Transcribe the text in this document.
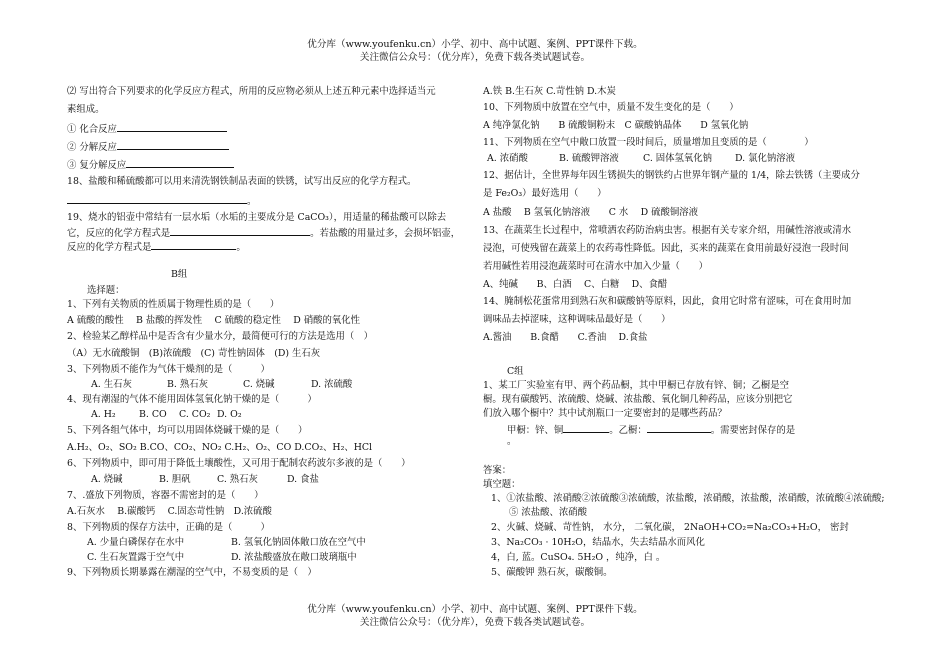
优分库（www.youfenku.cn）小学、初中、高中试题、案例、PPT课件下载。
关注微信公众号：（优分库），免费下载各类试题试卷。
⑵ 写出符合下列要求的化学反应方程式，所用的反应物必须从上述五种元素中选择适当元
素组成。
① 化合反应
② 分解反应
③ 复分解反应
18、盐酸和稀硫酸都可以用来清洗钢铁制品表面的铁锈，试写出反应的化学方程式。
。
19、烧水的铝壶中常结有一层水垢（水垢的主要成分是 CaCO₃），用适量的稀盐酸可以除去
它，反应的化学方程式是	。若盐酸的用量过多，会损坏铝壶，
反应的化学方程式是	。
B组
选择题：
1、下列有关物质的性质属于物理性质的是（　　）
A 硫酸的酸性　 B 盐酸的挥发性　 C 硫酸的稳定性　 D 硝酸的氧化性
2、检验某乙醇样品中是否含有少量水分，最简便可行的方法是选用（　）
（A）无水硫酸铜　(B)浓硫酸　(C) 苛性钠固体　(D) 生石灰
3、下列物质不能作为气体干燥剂的是（　　　）
A. 生石灰	B. 熟石灰	C. 烧碱	D. 浓硫酸
4、现有潮湿的气体不能用固体氢氧化钠干燥的是（　　　）
A. H₂ B. CO C. CO₂ D. O₂
5、下列各组气体中，均可以用固体烧碱干燥的是（　　）
A.H₂、O₂、SO₂ B.CO、CO₂、NO₂ C.H₂、O₂、CO D.CO₂、H₂、HCl
6、下列物质中，即可用于降低土壤酸性，又可用于配制农药波尔多液的是（　　）
A. 烧碱	B. 胆矾	C. 熟石灰	D. 食盐
7、.盛放下列物质，容器不需密封的是（　　）
A.石灰水　 B.碳酸钙　 C.固态苛性钠　D.浓硫酸
8、下列物质的保存方法中，正确的是（　　　）
A. 少量白磷保存在水中	B. 氢氧化钠固体敞口放在空气中
C. 生石灰置露于空气中	D. 浓盐酸盛放在敞口玻璃瓶中
9、下列物质长期暴露在潮湿的空气中，不易变质的是（　）
A.铁 B.生石灰 C.苛性钠 D.木炭
10、下列物质中放置在空气中，质量不发生变化的是（　　）
A 纯净氯化钠　　B 硫酸铜粉末　C 碳酸钠晶体　　D 氢氧化钠
11、下列物质在空气中敞口放置一段时间后，质量增加且变质的是（　　　　）
A. 浓硝酸	B. 硫酸钾溶液	C. 固体氢氧化钠 D. 氯化钠溶液
12、据估计，全世界每年因生锈损失的钢铁约占世界年钢产量的 1/4，除去铁锈（主要成分
是 Fe₂O₃）最好选用（　　）
A 盐酸　 B 氢氧化钠溶液　　C 水　 D 硫酸铜溶液
13、在蔬菜生长过程中，常喷洒农药防治病虫害。根据有关专家介绍，用碱性溶液或清水
浸泡，可使残留在蔬菜上的农药毒性降低。因此，买来的蔬菜在食用前最好浸泡一段时间
若用碱性若用浸泡蔬菜时可在清水中加入少量（　　）
A、纯碱　　B、白酒　 C、白糖　 D、食醋
14、腌制松花蛋常用到熟石灰和碳酸钠等原料，因此，食用它时常有涩味，可在食用时加
调味品去掉涩味，这种调味品最好是（　　）
A.酱油　　B.食醋　　C.香油　 D.食盐
C组
1、某工厂实验室有甲、两个药品橱，其中甲橱已存放有锌、铜；乙橱是空
橱。现有碳酸钙、浓硫酸、烧碱、浓盐酸、氧化铜几种药品，应该分别把它
们放入哪个橱中？其中试剂瓶口一定要密封的是哪些药品？
甲橱：锌、铜	。乙橱：	。需要密封保存的是
。
答案：
填空题：
1、①浓盐酸、浓硝酸②浓硫酸③浓硫酸，浓盐酸，浓硝酸，浓盐酸，浓硝酸，浓硫酸④浓硫酸;
⑤ 浓盐酸、浓硝酸
2、火碱、烧碱、苛性钠， 水分， 二氧化碳， 2NaOH+CO₂=Na₂CO₃+H₂O， 密封
3、Na₂CO₃ · 10H₂O，结晶水，失去结晶水而风化
4，白, 蓝。CuSO₄. 5H₂O ，纯净，白 。
5、碳酸钾 熟石灰，碳酸铜。
优分库（www.youfenku.cn）小学、初中、高中试题、案例、PPT课件下载。
关注微信公众号：（优分库），免费下载各类试题试卷。
